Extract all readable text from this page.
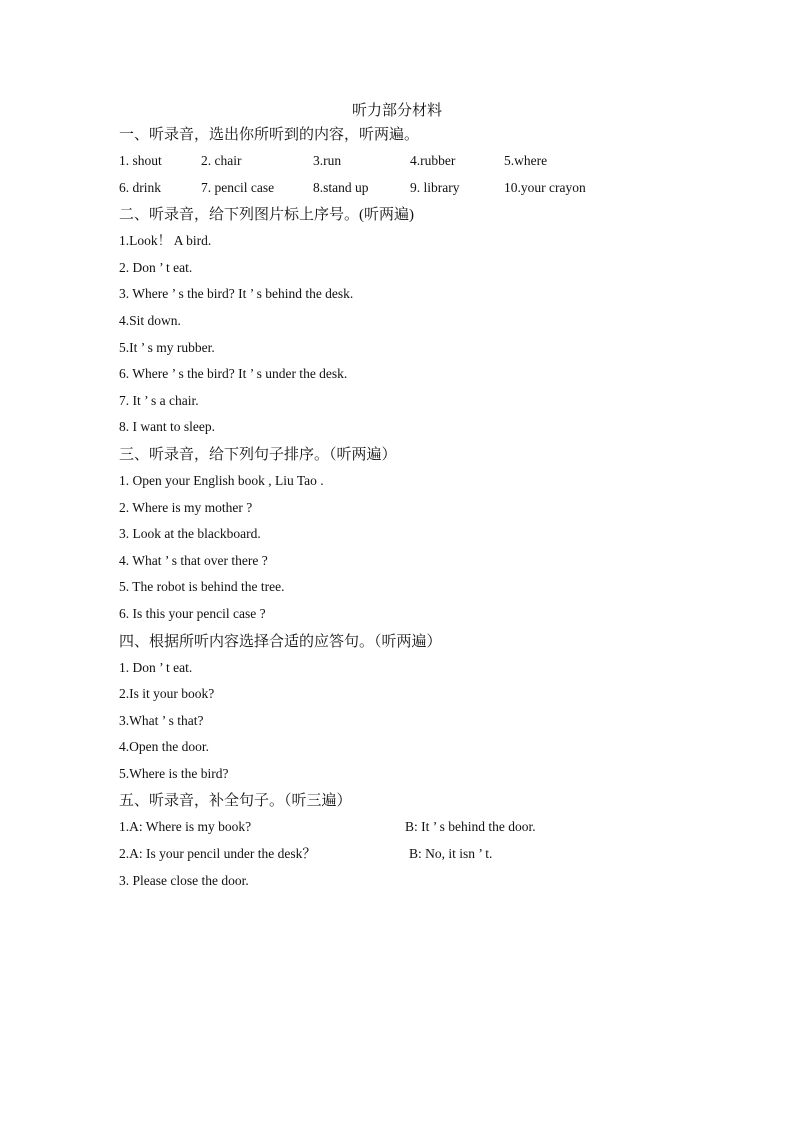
听力部分材料
一、听录音，选出你所听到的内容，听两遍。
1. shout	2. chair	3.run	4.rubber	5.where
6. drink	7. pencil case	8.stand up	9. library	10.your crayon
二、听录音，给下列图片标上序号。(听两遍)
1.Look！ A bird.
2. Don ’ t eat.
3. Where ’ s the bird? It ’ s behind the desk.
4.Sit down.
5.It ’ s my rubber.
6. Where ’ s the bird? It ’ s under the desk.
7. It ’ s a chair.
8. I want to sleep.
三、听录音，给下列句子排序。（听两遍）
1. Open your English book , Liu Tao .
2. Where is my mother ?
3. Look at the blackboard.
4. What ’ s that over there ?
5. The robot is behind the tree.
6. Is this your pencil case ?
四、根据所听内容选择合适的应答句。（听两遍）
1. Don ’ t eat.
2.Is it your book?
3.What ’ s that?
4.Open the door.
5.Where is the bird?
五、听录音，补全句子。（听三遍）
1.A: Where is my book?	B: It ’ s behind the door.
2.A: Is your pencil under the desk？	B: No, it isn ’ t.
3. Please close the door.
